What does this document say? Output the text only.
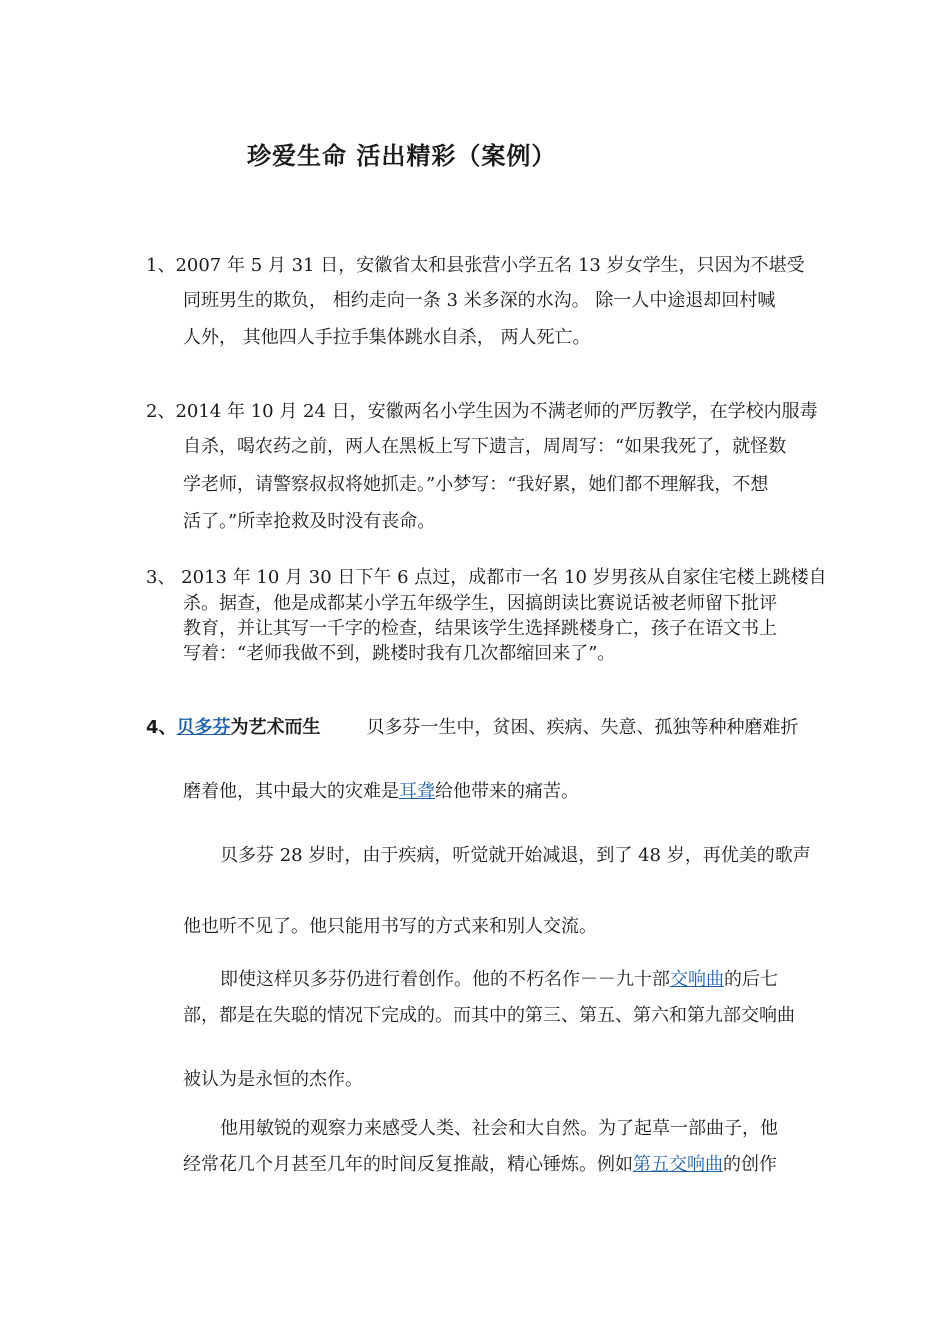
珍爱生命 活出精彩（案例）
1、2007 年 5 月 31 日，安徽省太和县张营小学五名 13 岁女学生，只因为不堪受
同班男生的欺负， 相约走向一条 3 米多深的水沟。 除一人中途退却回村喊
人外， 其他四人手拉手集体跳水自杀， 两人死亡。
2、2014 年 10 月 24 日，安徽两名小学生因为不满老师的严厉教学，在学校内服毒
自杀，喝农药之前，两人在黑板上写下遗言，周周写：“如果我死了，就怪数
学老师，请警察叔叔将她抓走。”小梦写：“我好累，她们都不理解我，不想
活了。”所幸抢救及时没有丧命。
3、 2013 年 10 月 30 日下午 6 点过，成都市一名 10 岁男孩从自家住宅楼上跳楼自
杀。据查，他是成都某小学五年级学生，因搞朗读比赛说话被老师留下批评
教育，并让其写一千字的检查，结果该学生选择跳楼身亡，孩子在语文书上
写着：“老师我做不到，跳楼时我有几次都缩回来了”。
4、贝多芬为艺术而生	贝多芬一生中，贫困、疾病、失意、孤独等种种磨难折
磨着他，其中最大的灾难是耳聋给他带来的痛苦。
贝多芬 28 岁时，由于疾病，听觉就开始减退，到了 48 岁，再优美的歌声
他也听不见了。他只能用书写的方式来和别人交流。
即使这样贝多芬仍进行着创作。他的不朽名作－－九十部交响曲的后七
部，都是在失聪的情况下完成的。而其中的第三、第五、第六和第九部交响曲
被认为是永恒的杰作。
他用敏锐的观察力来感受人类、社会和大自然。为了起草一部曲子，他
经常花几个月甚至几年的时间反复推敲，精心锤炼。例如第五交响曲的创作
